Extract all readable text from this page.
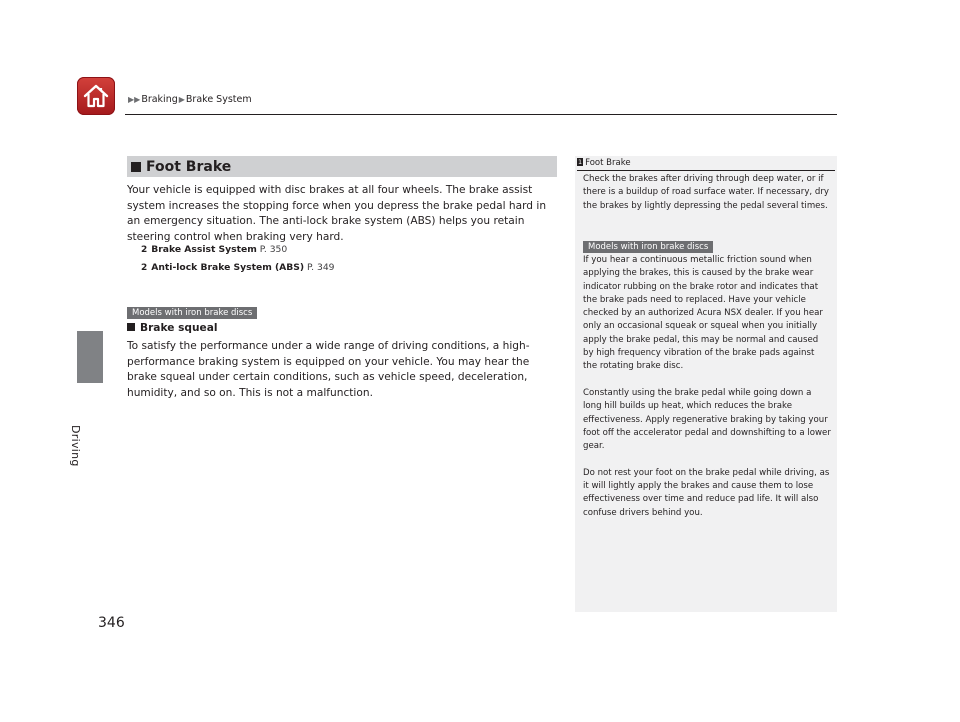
▶▶Braking▶Brake System
Driving
346
Foot Brake
Your vehicle is equipped with disc brakes at all four wheels. The brake assist system increases the stopping force when you depress the brake pedal hard in an emergency situation. The anti-lock brake system (ABS) helps you retain steering control when braking very hard.
2 Brake Assist System P. 350
2 Anti-lock Brake System (ABS) P. 349
Models with iron brake discs
Brake squeal
To satisfy the performance under a wide range of driving conditions, a high-performance braking system is equipped on your vehicle. You may hear the brake squeal under certain conditions, such as vehicle speed, deceleration, humidity, and so on. This is not a malfunction.
1 Foot Brake
Check the brakes after driving through deep water, or if there is a buildup of road surface water. If necessary, dry the brakes by lightly depressing the pedal several times.
Models with iron brake discs

If you hear a continuous metallic friction sound when applying the brakes, this is caused by the brake wear indicator rubbing on the brake rotor and indicates that the brake pads need to replaced. Have your vehicle checked by an authorized Acura NSX dealer. If you hear only an occasional squeak or squeal when you initially apply the brake pedal, this may be normal and caused by high frequency vibration of the brake pads against the rotating brake disc.

Constantly using the brake pedal while going down a long hill builds up heat, which reduces the brake effectiveness. Apply regenerative braking by taking your foot off the accelerator pedal and downshifting to a lower gear.

Do not rest your foot on the brake pedal while driving, as it will lightly apply the brakes and cause them to lose effectiveness over time and reduce pad life. It will also confuse drivers behind you.
